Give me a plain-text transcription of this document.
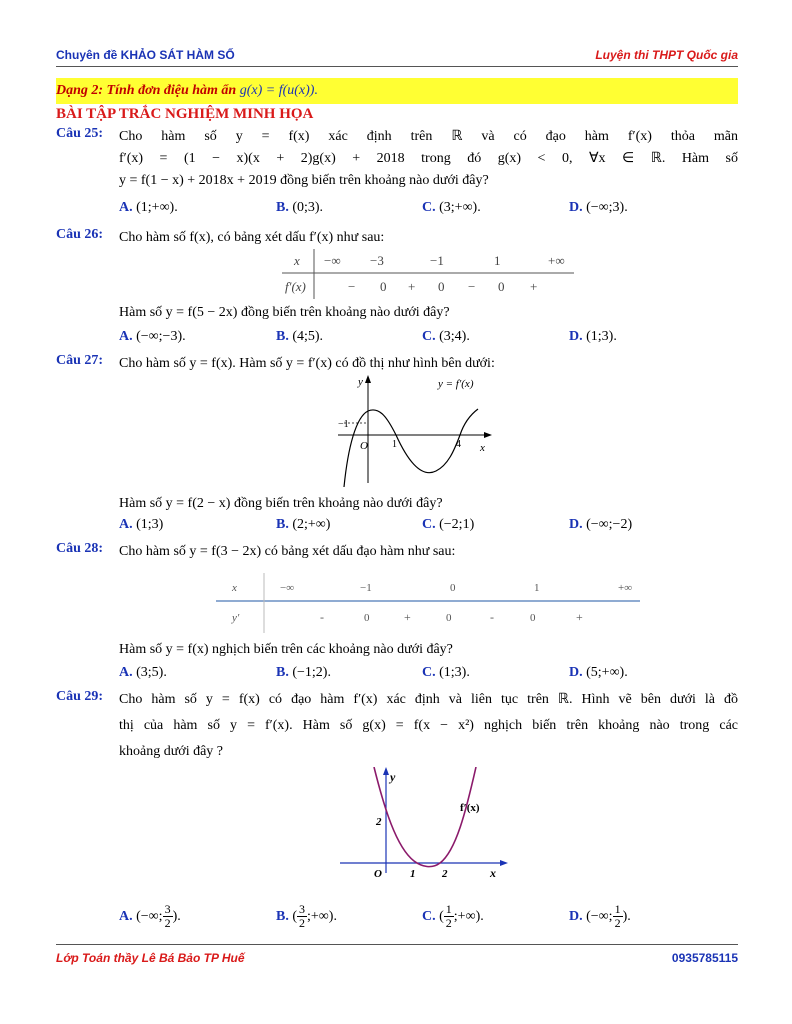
Chuyên đề KHẢO SÁT HÀM SỐ	Luyện thi THPT Quốc gia
Dạng 2: Tính đơn điệu hàm ẩn g(x) = f(u(x)).
BÀI TẬP TRẮC NGHIỆM MINH HỌA
Câu 25: Cho hàm số y = f(x) xác định trên ℝ và có đạo hàm f′(x) thỏa mãn
f′(x) = (1 − x)(x + 2)g(x) + 2018 trong đó g(x) < 0, ∀x ∈ ℝ. Hàm số
y = f(1 − x) + 2018x + 2019 đồng biến trên khoảng nào dưới đây?
A. (1;+∞).	B. (0;3).	C. (3;+∞).	D. (−∞;3).
Câu 26: Cho hàm số f(x), có bảng xét dấu f′(x) như sau:
x −∞ −3	−1	1	+∞
f′(x)	− 0 + 0 − 0 +
Hàm số y = f(5 − 2x) đồng biến trên khoảng nào dưới đây?
A. (−∞;−3).	B. (4;5).	C. (3;4).	D. (1;3).
Câu 27: Cho hàm số y = f(x). Hàm số y = f′(x) có đồ thị như hình bên dưới:
y = f′(x)
y
x
O
−1
1	4
Hàm số y = f(2 − x) đồng biến trên khoảng nào dưới đây?
A. (1;3)	B. (2;+∞)	C. (−2;1)	D. (−∞;−2)
Câu 28: Cho hàm số y = f(3 − 2x) có bảng xét dấu đạo hàm như sau:
x	−∞	−1	0	1	+∞
y′	-	0	+	0	-	0	+
Hàm số y = f(x) nghịch biến trên các khoảng nào dưới đây?
A. (3;5).	B. (−1;2).	C. (1;3).	D. (5;+∞).
Câu 29: Cho hàm số y = f(x) có đạo hàm f′(x) xác định và liên tục trên ℝ. Hình vẽ bên dưới là đồ
thị của hàm số y = f′(x). Hàm số g(x) = f(x − x²) nghịch biến trên khoảng nào trong các
khoảng dưới đây ?
y
x
O
2
1 2
f′(x)
A. (−∞; $\frac{3}{2}$ ).	B. ( $\frac{3}{2}$ ;+∞).	C. ( $\frac{1}{2}$ ;+∞).	D. (−∞; $\frac{1}{2}$ ).
Lớp Toán thầy Lê Bá Bảo TP Huế	0935785115
